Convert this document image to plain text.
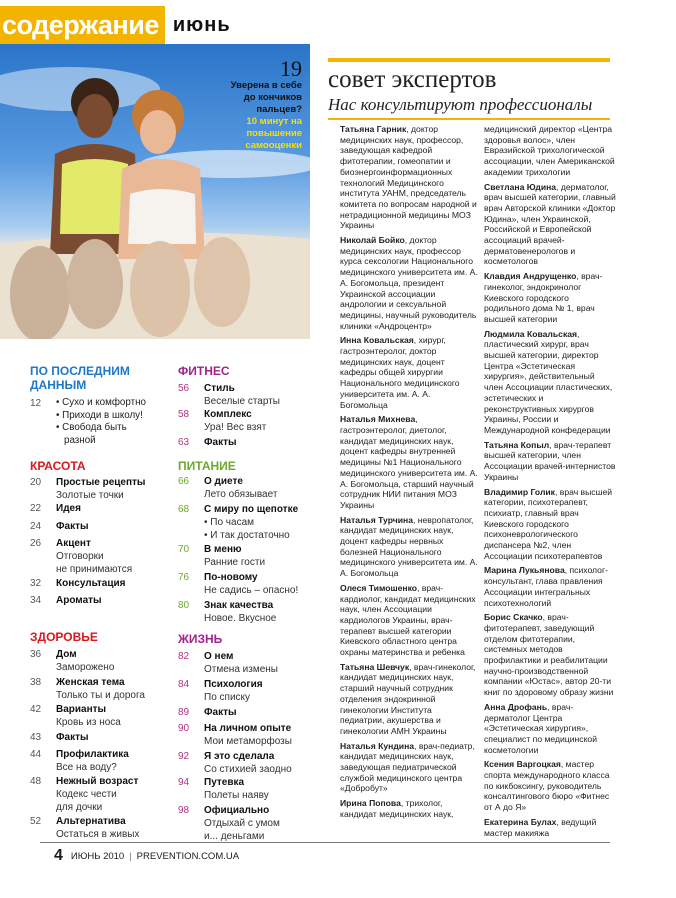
содержание июнь
19
Уверена в себе
до кончиков
пальцев?
10 минут на
повышение
самооценки
ПО ПОСЛЕДНИМ ДАННЫМ
12	• Сухо и комфортно
• Приходи в школу!
• Свобода быть
разной
КРАСОТА
20	Простые рецепты
Золотые точки
22	Идея
24	Факты
26	Акцент
Отговорки
не принимаются
32	Консультация
34	Ароматы
ЗДОРОВЬЕ
36	Дом
Заморожено
38	Женская тема
Только ты и дорога
42	Варианты
Кровь из носа
43	Факты
44	Профилактика
Все на воду?
48	Нежный возраст
Кодекс чести
для дочки
52	Альтернатива
Остаться в живых
ФИТНЕС
56	Стиль
Веселые старты
58	Комплекс
Ура! Вес взят
63	Факты
ПИТАНИЕ
66	О диете
Лето обязывает
68	С миру по щепотке
• По часам
• И так достаточно
70	В меню
Ранние гости
76	По-новому
Не садись – опасно!
80	Знак качества
Новое. Вкусное
ЖИЗНЬ
82	О нем
Отмена измены
84	Психология
По списку
89	Факты
90	На личном опыте
Мои метаморфозы
92	Я это сделала
Со стихией заодно
94	Путевка
Полеты наяву
98	Официально
Отдыхай с умом
и... деньгами
совет экспертов
Нас консультируют профессионалы
Татьяна Гарник, доктор медицинских наук, профессор, заведующая кафедрой фитотерапии, гомеопатии и биоэнергоинформационных технологий Медицинского института УАНМ, председатель комитета по вопросам народной и нетрадиционной медицины МОЗ Украины
Николай Бойко, доктор медицинских наук, профессор курса сексологии Национального медицинского университета им. А. А. Богомольца, президент Украинской ассоциации андрологии и сексуальной медицины, научный руководитель клиники «Андроцентр»
Инна Ковальская, хирург, гастроэнтеролог, доктор медицинских наук, доцент кафедры общей хирургии Национального медицинского университета им. А. А. Богомольца
Наталья Михнева, гастроэнтеролог, диетолог, кандидат медицинских наук, доцент кафедры внутренней медицины №1 Национального медицинского университета им. А. А. Богомольца, старший научный сотрудник НИИ питания МОЗ Украины
Наталья Турчина, невропатолог, кандидат медицинских наук, доцент кафедры нервных болезней Национального медицинского университета им. А. А. Богомольца
Олеся Тимошенко, врач-кардиолог, кандидат медицинских наук, член Ассоциации кардиологов Украины, врач-терапевт высшей категории Киевского областного центра охраны материнства и ребенка
Татьяна Шевчук, врач-гинеколог, кандидат медицинских наук, старший научный сотрудник отделения эндокринной гинекологии Института педиатрии, акушерства и гинекологии АМН Украины
Наталья Кундина, врач-педиатр, кандидат медицинских наук, заведующая педиатрической службой медицинского центра «Добробут»
Ирина Попова, трихолог, кандидат медицинских наук,
медицинский директор «Центра здоровья волос», член Евразийской трихологической ассоциации, член Американской академии трихологии
Светлана Юдина, дерматолог, врач высшей категории, главный врач Авторской клиники «Доктор Юдина», член Украинской, Российской и Европейской ассоциаций врачей-дерматовенерологов и косметологов
Клавдия Андрущенко, врач-гинеколог, эндокринолог Киевского городского родильного дома № 1, врач высшей категории
Людмила Ковальская, пластический хирург, врач высшей категории, директор Центра «Эстетическая хирургия», действительный член Ассоциации пластических, эстетических и реконструктивных хирургов Украины, России и Международной конфедерации
Татьяна Копыл, врач-терапевт высшей категории, член Ассоциации врачей-интернистов Украины
Владимир Голик, врач высшей категории, психотерапевт, психиатр, главный врач Киевского городского психоневрологического диспансера №2, член Ассоциации психотерапевтов
Марина Лукьянова, психолог-консультант, глава правления Ассоциации интегральных психотехнологий
Борис Скачко, врач-фитотерапевт, заведующий отделом фитотерапии, системных методов профилактики и реабилитации научно-производственной компании «Юстас», автор 20-ти книг по здоровому образу жизни
Анна Дрофань, врач-дерматолог Центра «Эстетическая хирургия», специалист по медицинской косметологии
Ксения Варгоцкая, мастер спорта международного класса по кикбоксингу, руководитель консалтингового бюро «Фитнес от А до Я»
Екатерина Булах, ведущий мастер макияжа
4 ИЮНЬ 2010 | PREVENTION.COM.UA
